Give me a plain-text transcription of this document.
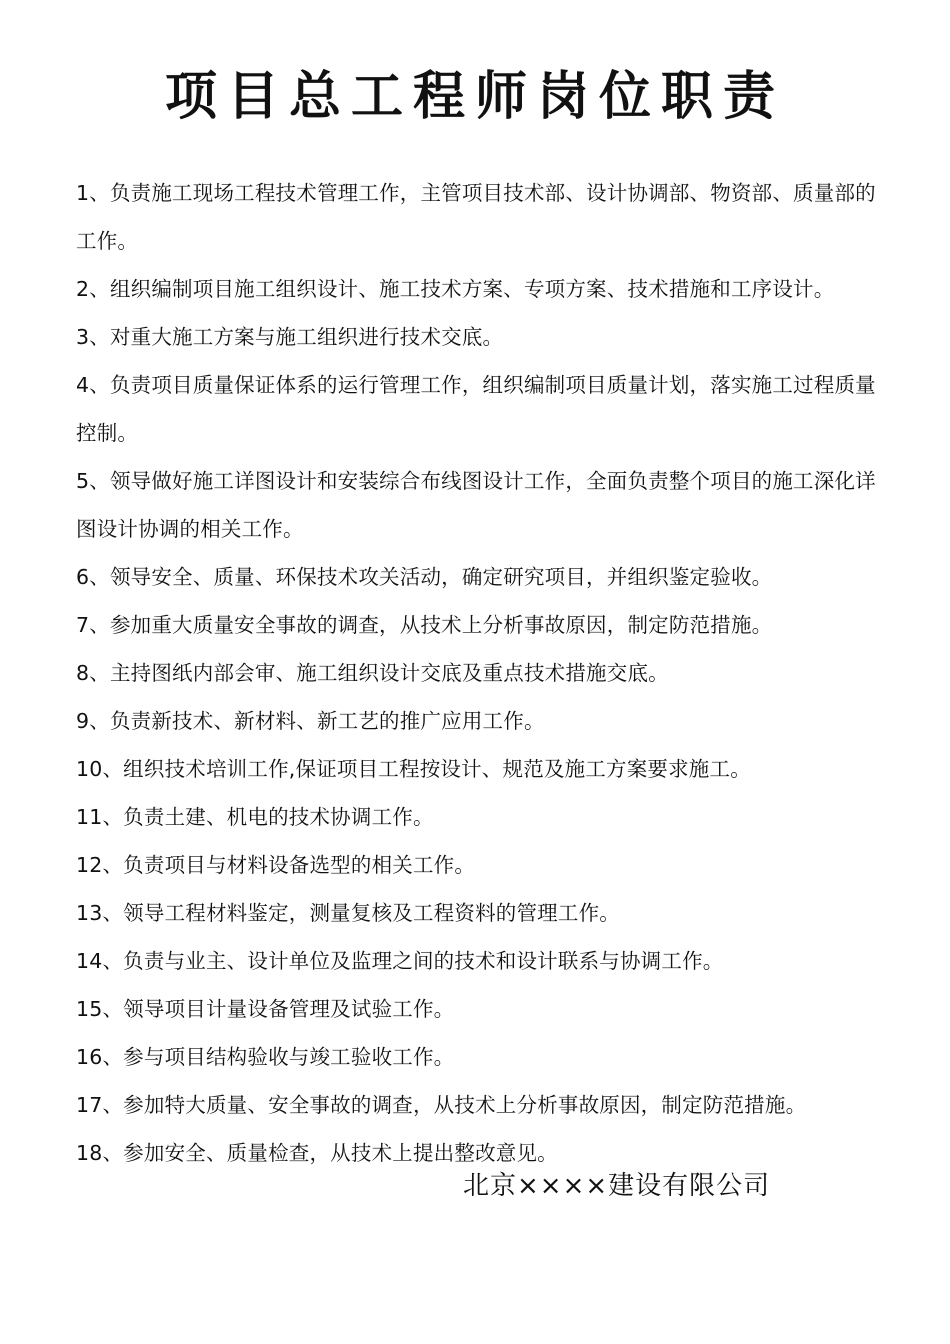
项目总工程师岗位职责
1、负责施工现场工程技术管理工作，主管项目技术部、设计协调部、物资部、质量部的工作。
2、组织编制项目施工组织设计、施工技术方案、专项方案、技术措施和工序设计。
3、对重大施工方案与施工组织进行技术交底。
4、负责项目质量保证体系的运行管理工作，组织编制项目质量计划，落实施工过程质量控制。
5、领导做好施工详图设计和安装综合布线图设计工作，全面负责整个项目的施工深化详图设计协调的相关工作。
6、领导安全、质量、环保技术攻关活动，确定研究项目，并组织鉴定验收。
7、参加重大质量安全事故的调查，从技术上分析事故原因，制定防范措施。
8、主持图纸内部会审、施工组织设计交底及重点技术措施交底。
9、负责新技术、新材料、新工艺的推广应用工作。
10、组织技术培训工作,保证项目工程按设计、规范及施工方案要求施工。
11、负责土建、机电的技术协调工作。
12、负责项目与材料设备选型的相关工作。
13、领导工程材料鉴定，测量复核及工程资料的管理工作。
14、负责与业主、设计单位及监理之间的技术和设计联系与协调工作。
15、领导项目计量设备管理及试验工作。
16、参与项目结构验收与竣工验收工作。
17、参加特大质量、安全事故的调查，从技术上分析事故原因，制定防范措施。
18、参加安全、质量检查，从技术上提出整改意见。
北京××××建设有限公司
